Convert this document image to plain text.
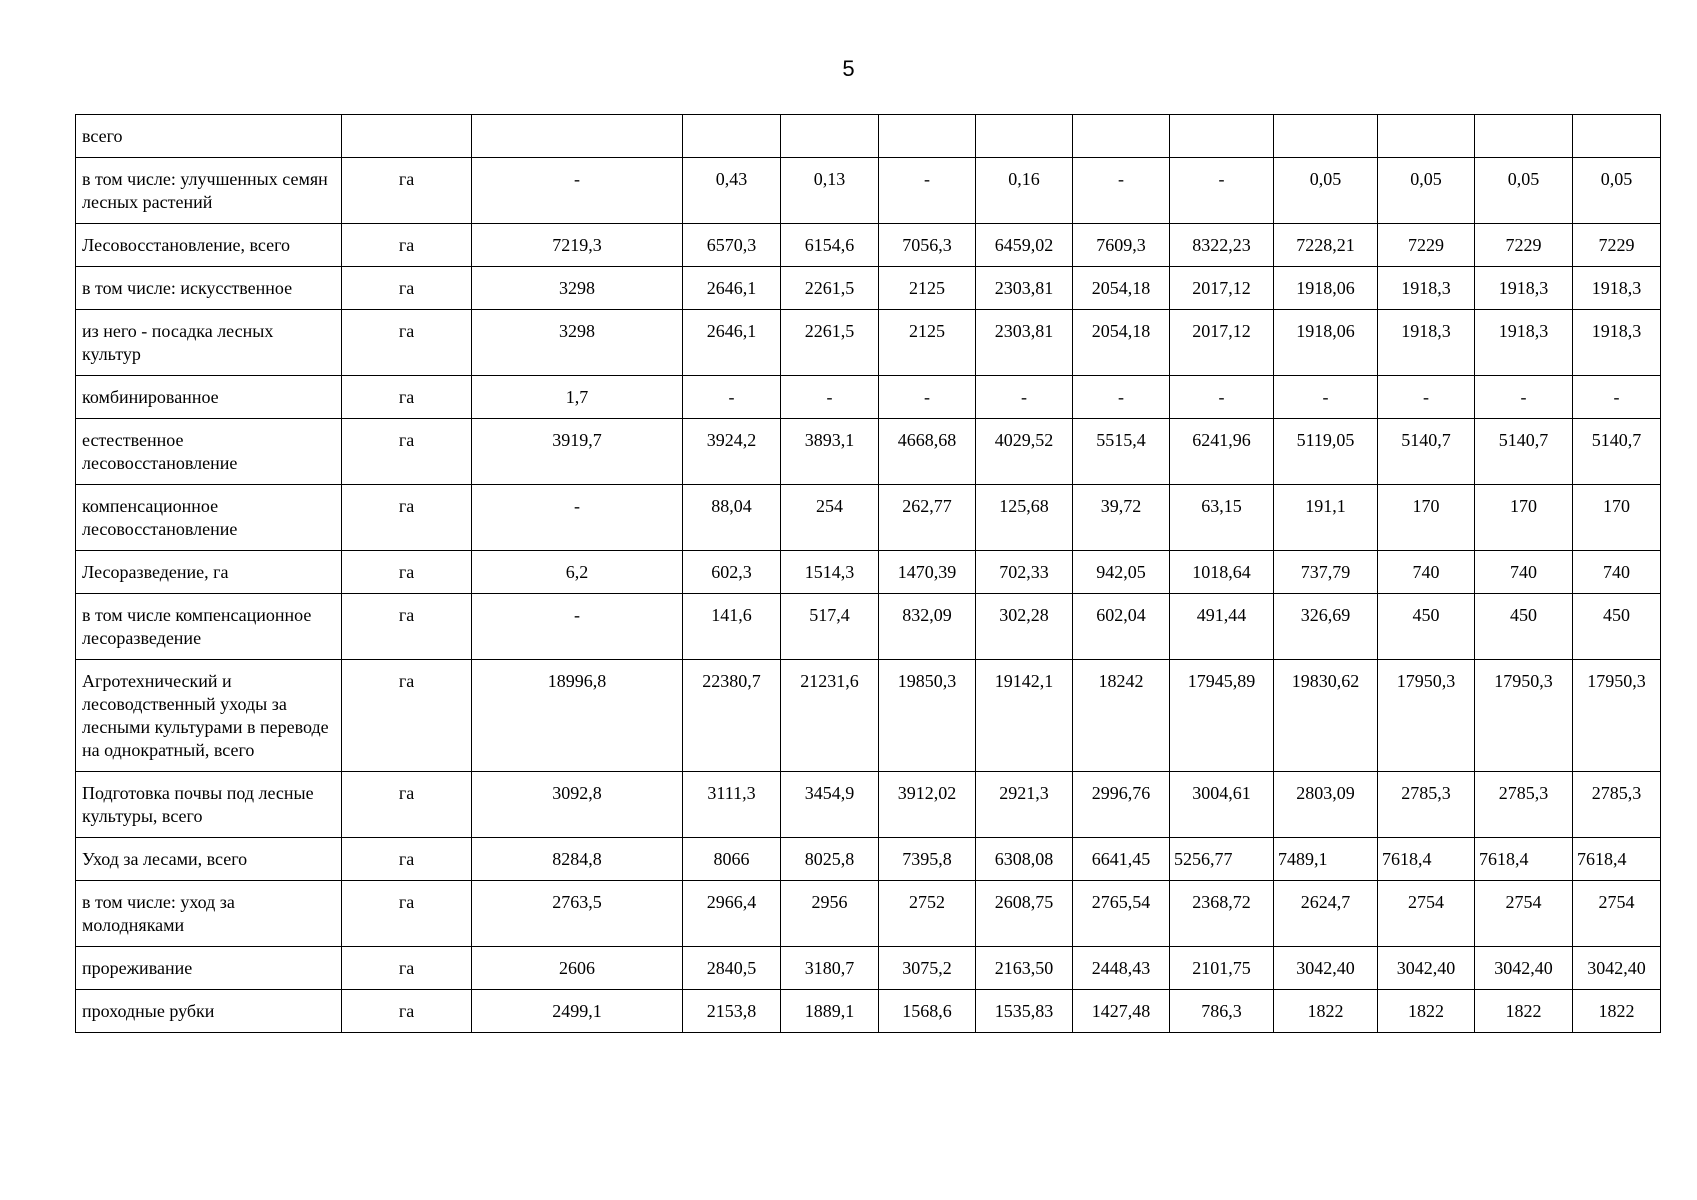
5
всего												
в том числе: улучшенных семян лесных растений	га	-	0,43	0,13	-	0,16	-	-	0,05	0,05	0,05	0,05
Лесовосстановление, всего	га	7219,3	6570,3	6154,6	7056,3	6459,02	7609,3	8322,23	7228,21	7229	7229	7229
в том числе: искусственное	га	3298	2646,1	2261,5	2125	2303,81	2054,18	2017,12	1918,06	1918,3	1918,3	1918,3
из него - посадка лесных культур	га	3298	2646,1	2261,5	2125	2303,81	2054,18	2017,12	1918,06	1918,3	1918,3	1918,3
комбинированное	га	1,7	-	-	-	-	-	-	-	-	-	-
естественное лесовосстановление	га	3919,7	3924,2	3893,1	4668,68	4029,52	5515,4	6241,96	5119,05	5140,7	5140,7	5140,7
компенсационное лесовосстановление	га	-	88,04	254	262,77	125,68	39,72	63,15	191,1	170	170	170
Лесоразведение, га	га	6,2	602,3	1514,3	1470,39	702,33	942,05	1018,64	737,79	740	740	740
в том числе компенсационное лесоразведение	га	-	141,6	517,4	832,09	302,28	602,04	491,44	326,69	450	450	450
Агротехнический и лесоводственный уходы за лесными культурами в переводе на однократный, всего	га	18996,8	22380,7	21231,6	19850,3	19142,1	18242	17945,89	19830,62	17950,3	17950,3	17950,3
Подготовка почвы под лесные культуры, всего	га	3092,8	3111,3	3454,9	3912,02	2921,3	2996,76	3004,61	2803,09	2785,3	2785,3	2785,3
Уход за лесами, всего	га	8284,8	8066	8025,8	7395,8	6308,08	6641,45	5256,77	7489,1	7618,4	7618,4	7618,4
в том числе: уход за молодняками	га	2763,5	2966,4	2956	2752	2608,75	2765,54	2368,72	2624,7	2754	2754	2754
прореживание	га	2606	2840,5	3180,7	3075,2	2163,50	2448,43	2101,75	3042,40	3042,40	3042,40	3042,40
проходные рубки	га	2499,1	2153,8	1889,1	1568,6	1535,83	1427,48	786,3	1822	1822	1822	1822
